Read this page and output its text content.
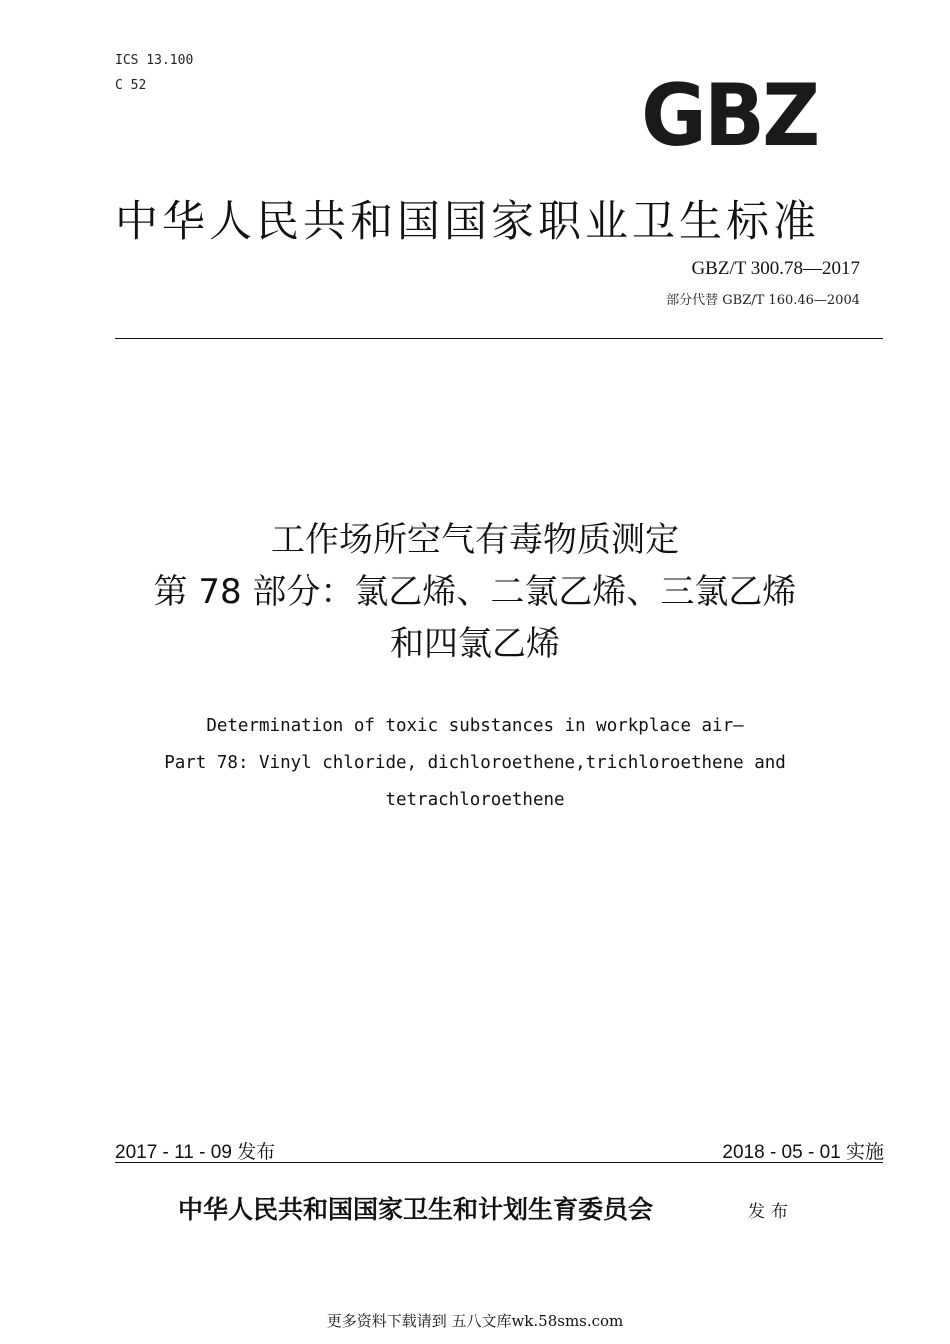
ICS 13.100
C 52	GBZ
中华人民共和国国家职业卫生标准
GBZ/T 300.78—2017
部分代替 GBZ/T 160.46—2004
工作场所空气有毒物质测定
第 78 部分：氯乙烯、二氯乙烯、三氯乙烯
和四氯乙烯
Determination of toxic substances in workplace air—
Part 78: Vinyl chloride, dichloroethene,trichloroethene and
tetrachloroethene
2017 - 11 - 09 发布	2018 - 05 - 01 实施
中华人民共和国国家卫生和计划生育委员会	发布
更多资料下载请到 五八文库wk.58sms.com
